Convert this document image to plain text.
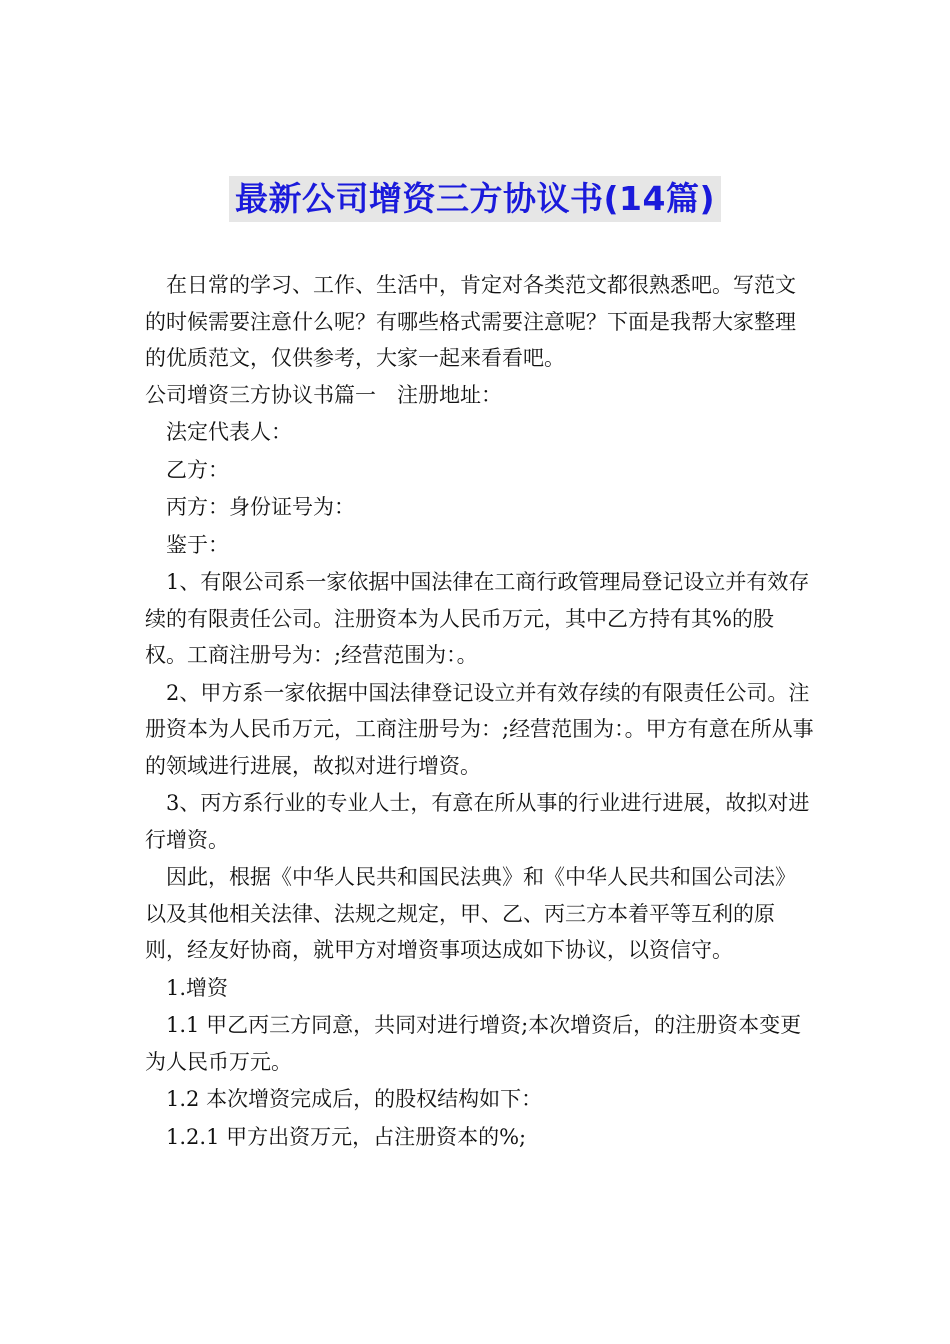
最新公司增资三方协议书(14篇)

在日常的学习、工作、生活中，肯定对各类范文都很熟悉吧。写范文的时候需要注意什么呢？有哪些格式需要注意呢？下面是我帮大家整理的优质范文，仅供参考，大家一起来看看吧。

公司增资三方协议书篇一　注册地址：

法定代表人：

乙方：

丙方：身份证号为：

鉴于：

1、有限公司系一家依据中国法律在工商行政管理局登记设立并有效存续的有限责任公司。注册资本为人民币万元，其中乙方持有其%的股权。工商注册号为：;经营范围为：。

2、甲方系一家依据中国法律登记设立并有效存续的有限责任公司。注册资本为人民币万元，工商注册号为：;经营范围为：。甲方有意在所从事的领域进行进展，故拟对进行增资。

3、丙方系行业的专业人士，有意在所从事的行业进行进展，故拟对进行增资。

因此，根据《中华人民共和国民法典》和《中华人民共和国公司法》以及其他相关法律、法规之规定，甲、乙、丙三方本着平等互利的原则，经友好协商，就甲方对增资事项达成如下协议，以资信守。

1.增资

1.1 甲乙丙三方同意，共同对进行增资;本次增资后，的注册资本变更为人民币万元。

1.2 本次增资完成后，的股权结构如下：

1.2.1 甲方出资万元，占注册资本的%;
